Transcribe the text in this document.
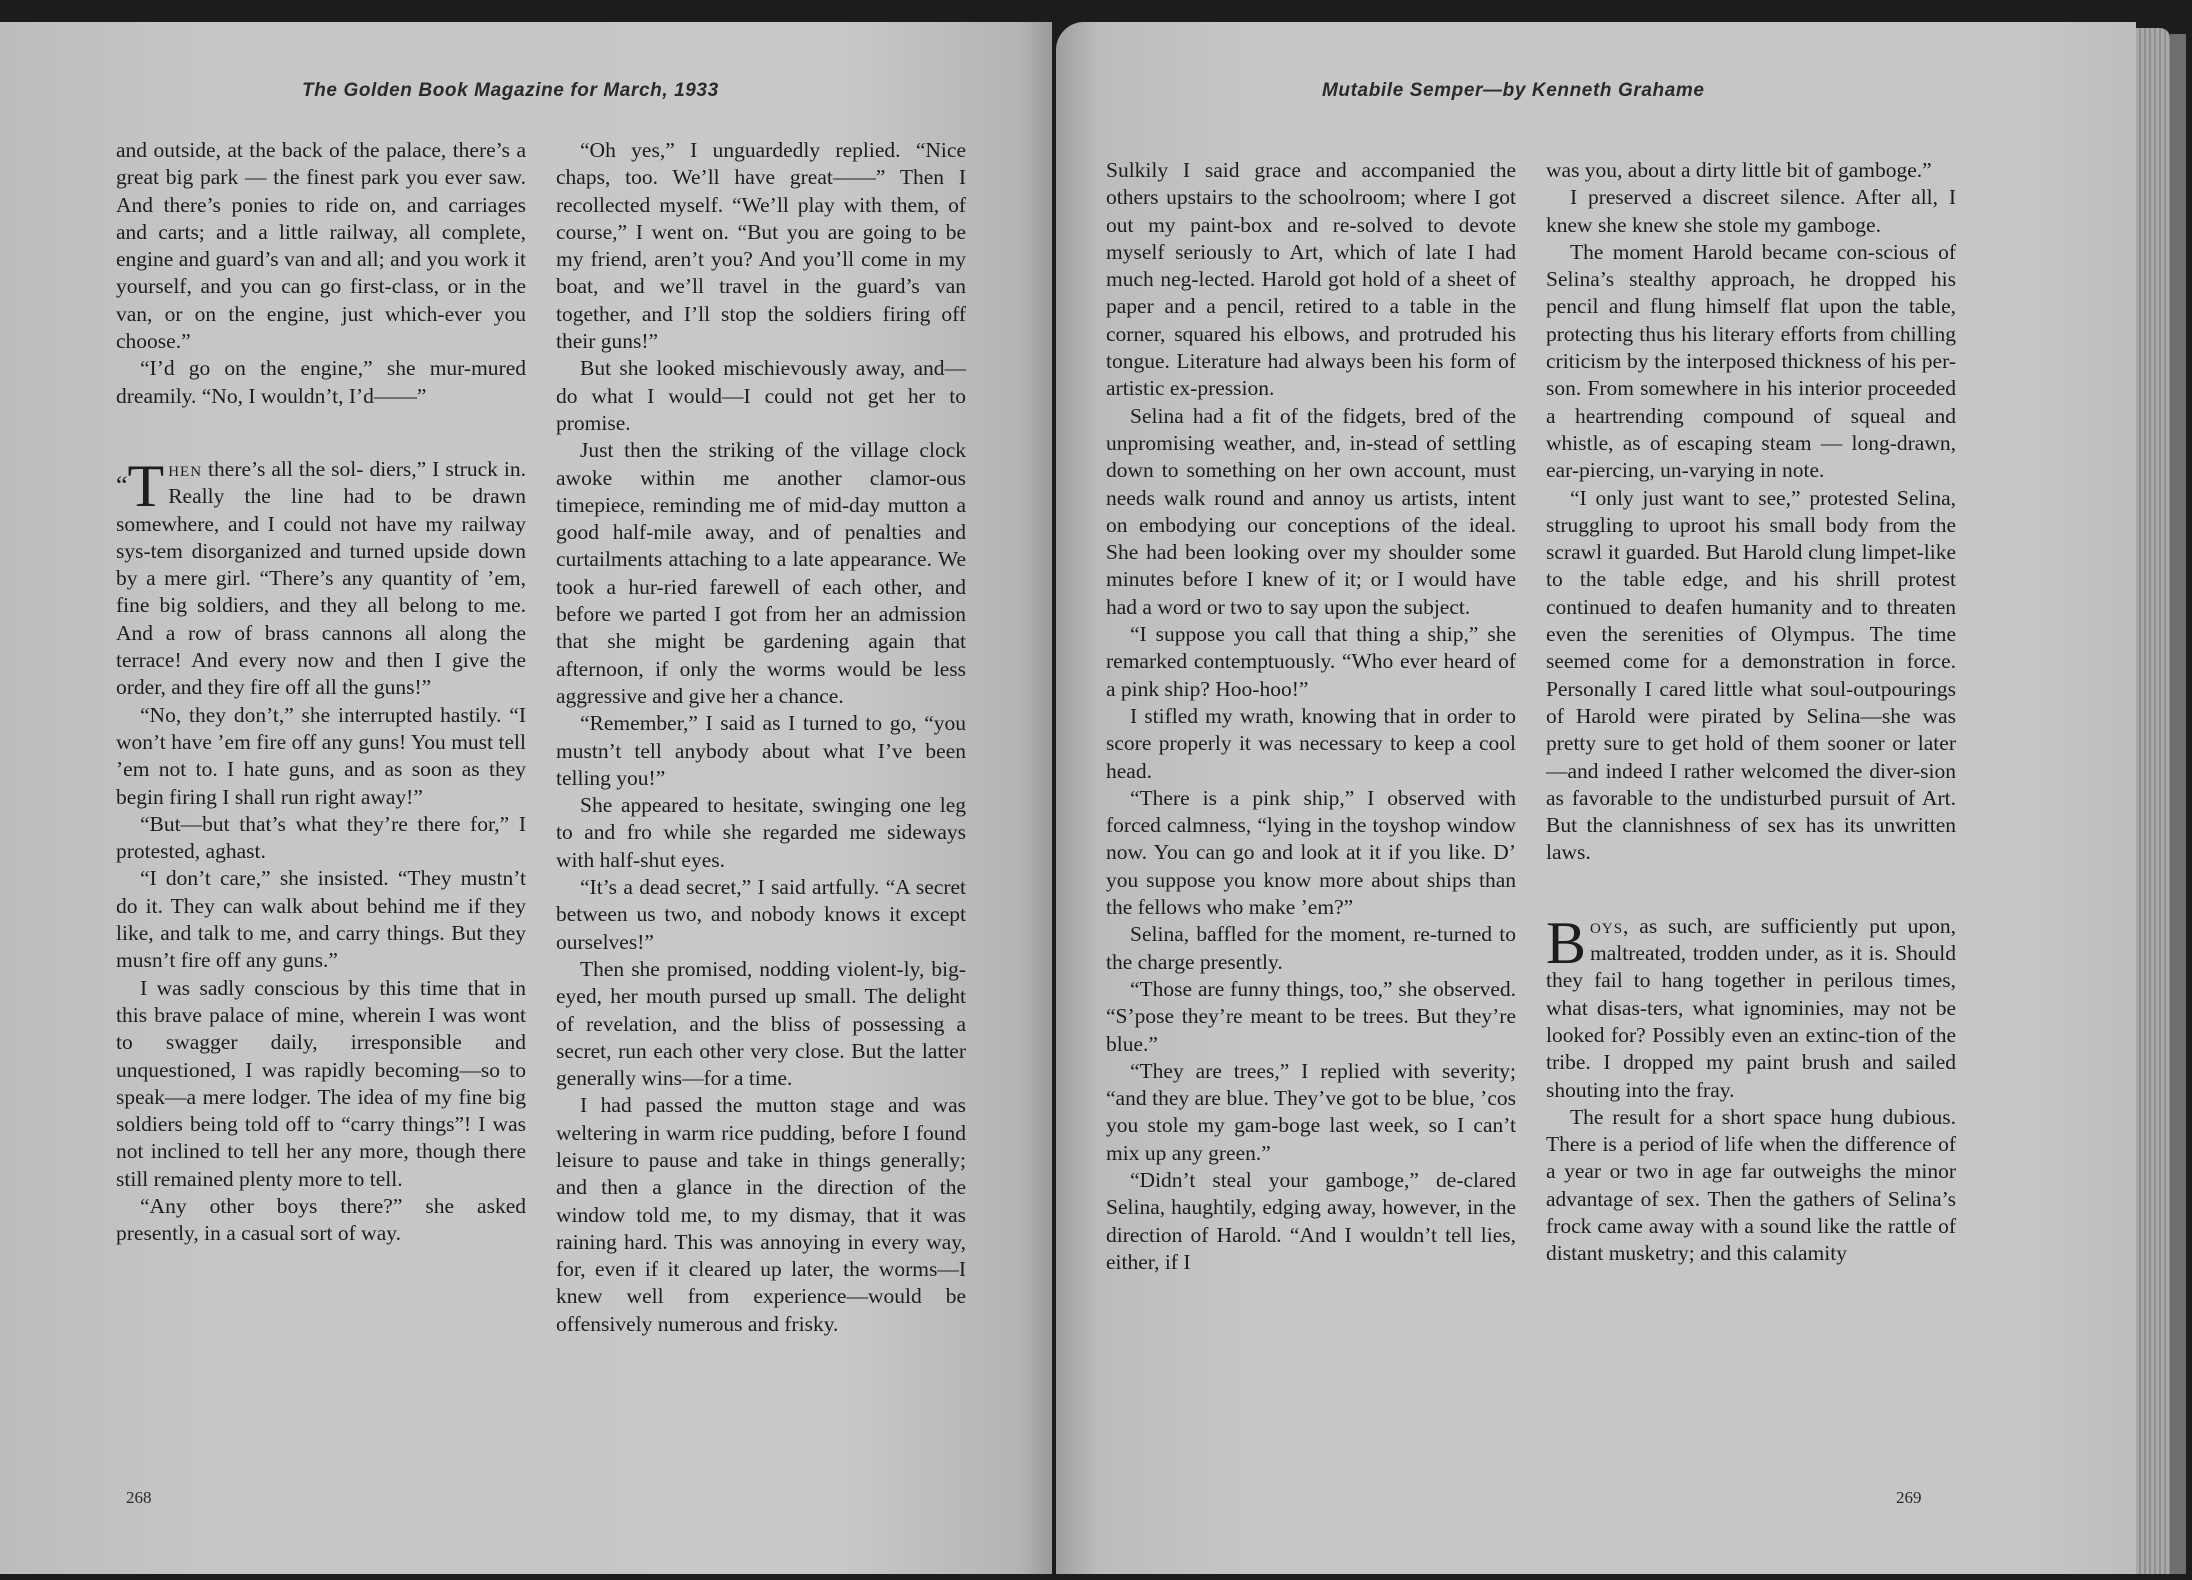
The Golden Book Magazine for March, 1933

and outside, at the back of the palace, there’s a great big park — the finest park you ever saw. And there’s ponies to ride on, and carriages and carts; and a little railway, all complete, engine and guard’s van and all; and you work it yourself, and you can go first-class, or in the van, or on the engine, just which-ever you choose.”

“I’d go on the engine,” she mur-mured dreamily. “No, I wouldn’t, I’d——”

“T hen there’s all the sol- diers,” I struck in. Really the line had to be drawn somewhere, and I could not have my railway sys-tem disorganized and turned upside down by a mere girl. “There’s any quantity of ’em, fine big soldiers, and they all belong to me. And a row of brass cannons all along the terrace! And every now and then I give the order, and they fire off all the guns!”

“No, they don’t,” she interrupted hastily. “I won’t have ’em fire off any guns! You must tell ’em not to. I hate guns, and as soon as they begin firing I shall run right away!”

“But—but that’s what they’re there for,” I protested, aghast.

“I don’t care,” she insisted. “They mustn’t do it. They can walk about behind me if they like, and talk to me, and carry things. But they musn’t fire off any guns.”

I was sadly conscious by this time that in this brave palace of mine, wherein I was wont to swagger daily, irresponsible and unquestioned, I was rapidly becoming—so to speak—a mere lodger. The idea of my fine big soldiers being told off to “carry things”! I was not inclined to tell her any more, though there still remained plenty more to tell.

“Any other boys there?” she asked presently, in a casual sort of way.

“Oh yes,” I unguardedly replied. “Nice chaps, too. We’ll have great——” Then I recollected myself. “We’ll play with them, of course,” I went on. “But you are going to be my friend, aren’t you? And you’ll come in my boat, and we’ll travel in the guard’s van together, and I’ll stop the soldiers firing off their guns!”

But she looked mischievously away, and—do what I would—I could not get her to promise.

Just then the striking of the village clock awoke within me another clamor-ous timepiece, reminding me of mid-day mutton a good half-mile away, and of penalties and curtailments attaching to a late appearance. We took a hur-ried farewell of each other, and before we parted I got from her an admission that she might be gardening again that afternoon, if only the worms would be less aggressive and give her a chance.

“Remember,” I said as I turned to go, “you mustn’t tell anybody about what I’ve been telling you!”

She appeared to hesitate, swinging one leg to and fro while she regarded me sideways with half-shut eyes.

“It’s a dead secret,” I said artfully. “A secret between us two, and nobody knows it except ourselves!”

Then she promised, nodding violent-ly, big-eyed, her mouth pursed up small. The delight of revelation, and the bliss of possessing a secret, run each other very close. But the latter generally wins—for a time.

I had passed the mutton stage and was weltering in warm rice pudding, before I found leisure to pause and take in things generally; and then a glance in the direction of the window told me, to my dismay, that it was raining hard. This was annoying in every way, for, even if it cleared up later, the worms—I knew well from experience—would be offensively numerous and frisky.

268
Mutabile Semper—by Kenneth Grahame

Sulkily I said grace and accompanied the others upstairs to the schoolroom; where I got out my paint-box and re-solved to devote myself seriously to Art, which of late I had much neg-lected. Harold got hold of a sheet of paper and a pencil, retired to a table in the corner, squared his elbows, and protruded his tongue. Literature had always been his form of artistic ex-pression.

Selina had a fit of the fidgets, bred of the unpromising weather, and, in-stead of settling down to something on her own account, must needs walk round and annoy us artists, intent on embodying our conceptions of the ideal. She had been looking over my shoulder some minutes before I knew of it; or I would have had a word or two to say upon the subject.

“I suppose you call that thing a ship,” she remarked contemptuously. “Who ever heard of a pink ship? Hoo-hoo!”

I stifled my wrath, knowing that in order to score properly it was necessary to keep a cool head.

“There is a pink ship,” I observed with forced calmness, “lying in the toyshop window now. You can go and look at it if you like. D’ you suppose you know more about ships than the fellows who make ’em?”

Selina, baffled for the moment, re-turned to the charge presently.

“Those are funny things, too,” she observed. “S’pose they’re meant to be trees. But they’re blue.”

“They are trees,” I replied with severity; “and they are blue. They’ve got to be blue, ’cos you stole my gam-boge last week, so I can’t mix up any green.”

“Didn’t steal your gamboge,” de-clared Selina, haughtily, edging away, however, in the direction of Harold. “And I wouldn’t tell lies, either, if I

was you, about a dirty little bit of gamboge.”

I preserved a discreet silence. After all, I knew she knew she stole my gamboge.

The moment Harold became con-scious of Selina’s stealthy approach, he dropped his pencil and flung himself flat upon the table, protecting thus his literary efforts from chilling criticism by the interposed thickness of his per-son. From somewhere in his interior proceeded a heartrending compound of squeal and whistle, as of escaping steam — long-drawn, ear-piercing, un-varying in note.

“I only just want to see,” protested Selina, struggling to uproot his small body from the scrawl it guarded. But Harold clung limpet-like to the table edge, and his shrill protest continued to deafen humanity and to threaten even the serenities of Olympus. The time seemed come for a demonstration in force. Personally I cared little what soul-outpourings of Harold were pirated by Selina—she was pretty sure to get hold of them sooner or later—and indeed I rather welcomed the diver-sion as favorable to the undisturbed pursuit of Art. But the clannishness of sex has its unwritten laws.

Boys, as such, are sufficiently put upon, maltreated, trodden under, as it is. Should they fail to hang together in perilous times, what disas-ters, what ignominies, may not be looked for? Possibly even an extinc-tion of the tribe. I dropped my paint brush and sailed shouting into the fray.

The result for a short space hung dubious. There is a period of life when the difference of a year or two in age far outweighs the minor advantage of sex. Then the gathers of Selina’s frock came away with a sound like the rattle of distant musketry; and this calamity

269
